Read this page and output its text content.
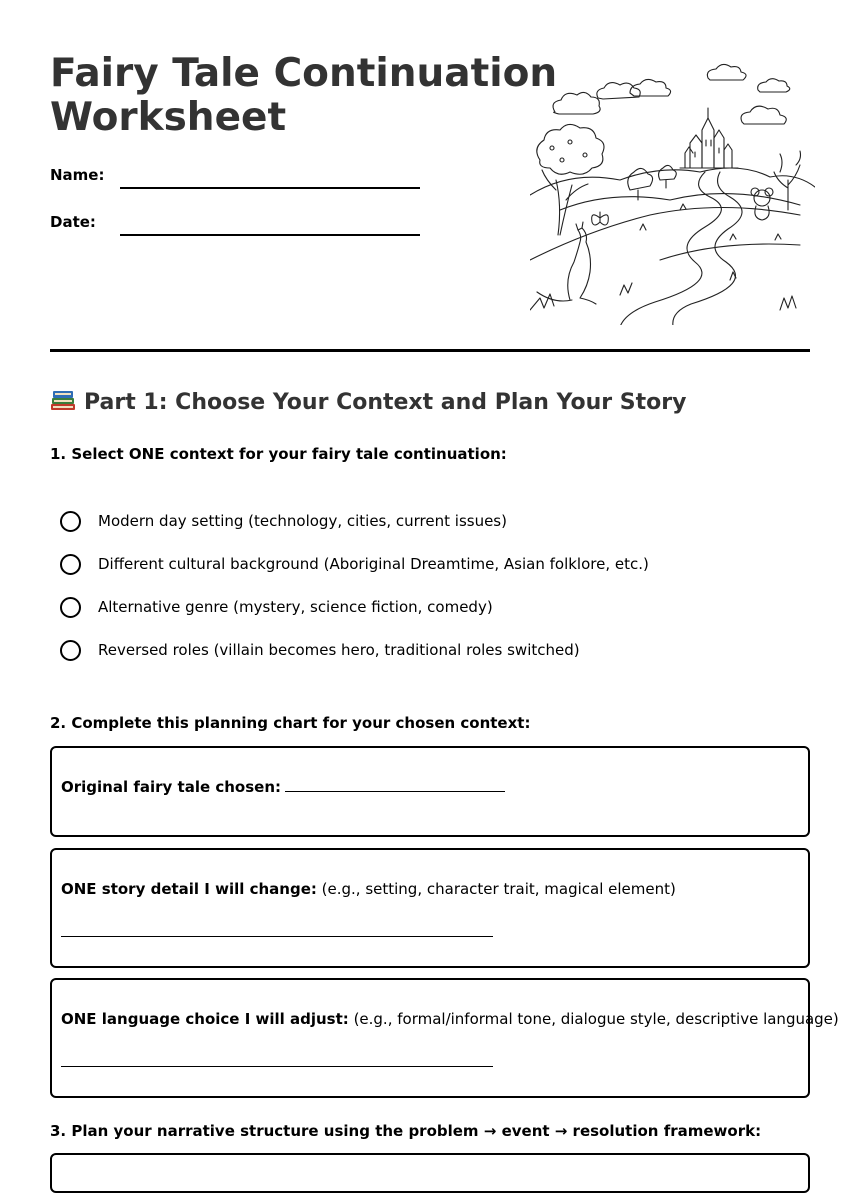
Fairy Tale Continuation
Worksheet
Name:
Date:
Part 1: Choose Your Context and Plan Your Story
1. Select ONE context for your fairy tale continuation:
Modern day setting (technology, cities, current issues)
Different cultural background (Aboriginal Dreamtime, Asian folklore, etc.)
Alternative genre (mystery, science fiction, comedy)
Reversed roles (villain becomes hero, traditional roles switched)
2. Complete this planning chart for your chosen context:
Original fairy tale chosen:
ONE story detail I will change: (e.g., setting, character trait, magical element)
ONE language choice I will adjust: (e.g., formal/informal tone, dialogue style, descriptive language)
3. Plan your narrative structure using the problem → event → resolution framework:
